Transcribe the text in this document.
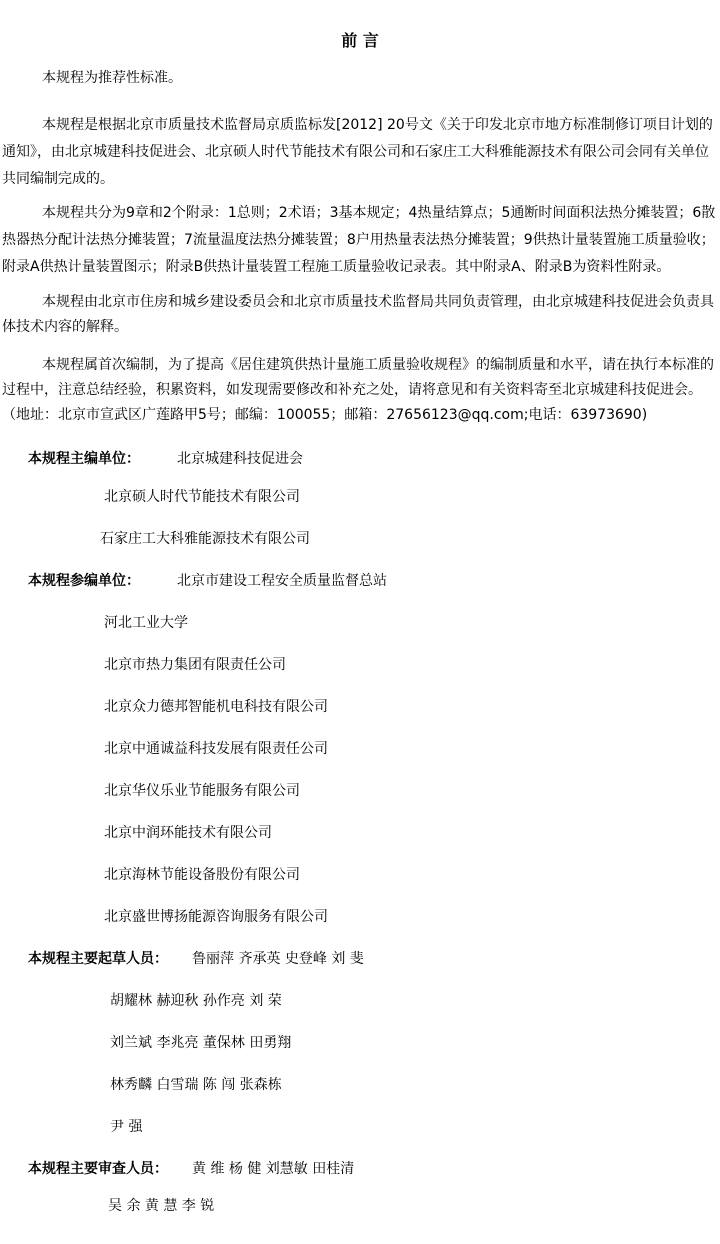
前 言
本规程为推荐性标准。
本规程是根据北京市质量技术监督局京质监标发[2012] 20号文《关于印发北京市地方标准制修订项目计划的
通知》，由北京城建科技促进会、北京硕人时代节能技术有限公司和石家庄工大科雅能源技术有限公司会同有关单位
共同编制完成的。
本规程共分为9章和2个附录：1总则；2术语；3基本规定；4热量结算点；5通断时间面积法热分摊装置；6散
热器热分配计法热分摊装置；7流量温度法热分摊装置；8户用热量表法热分摊装置；9供热计量装置施工质量验收；
附录A供热计量装置图示；附录B供热计量装置工程施工质量验收记录表。其中附录A、附录B为资料性附录。
本规程由北京市住房和城乡建设委员会和北京市质量技术监督局共同负责管理，由北京城建科技促进会负责具
体技术内容的解释。
本规程属首次编制，为了提高《居住建筑供热计量施工质量验收规程》的编制质量和水平，请在执行本标准的
过程中，注意总结经验，积累资料，如发现需要修改和补充之处，请将意见和有关资料寄至北京城建科技促进会。
（地址：北京市宣武区广莲路甲5号；邮编：100055；邮箱：27656123@qq.com;电话：63973690)
本规程主编单位：	北京城建科技促进会
北京硕人时代节能技术有限公司
石家庄工大科雅能源技术有限公司
本规程参编单位：	北京市建设工程安全质量监督总站
河北工业大学
北京市热力集团有限责任公司
北京众力德邦智能机电科技有限公司
北京中通诚益科技发展有限责任公司
北京华仪乐业节能服务有限公司
北京中润环能技术有限公司
北京海林节能设备股份有限公司
北京盛世博扬能源咨询服务有限公司
本规程主要起草人员： 鲁丽萍 齐承英 史登峰 刘 斐
胡耀林 赫迎秋 孙作亮 刘 荣
刘兰斌 李兆亮 董保林 田勇翔
林秀麟 白雪瑞 陈 闯 张森栋
尹 强
本规程主要审查人员： 黄 维 杨 健 刘慧敏 田桂清
吴 余 黄 慧 李 锐
